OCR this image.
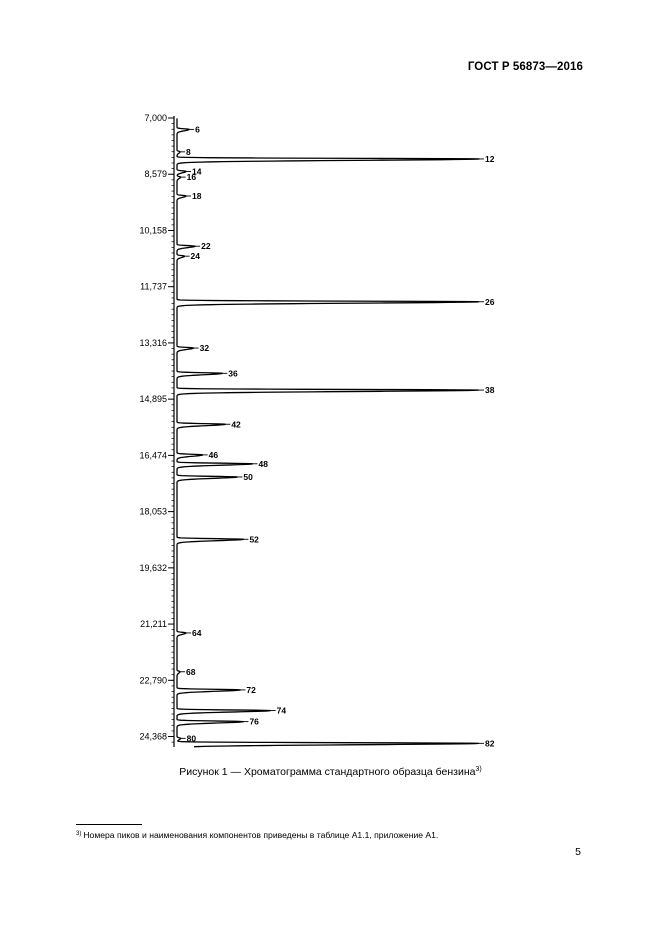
ГОСТ Р 56873—2016
7,000
8,579
10,158
11,737
13,316
14,895
16,474
18,053
19,632
21,211
22,790
24,368
6
8
12
14
16
18
22
24
26
32
36
38
42
46
48
50
52
64
68
72
74
76
80	82
Рисунок 1 — Хроматограмма стандартного образца бензина$^{3)}$
$^{3)}$ Номера пиков и наименования компонентов приведены в таблице А1.1, приложение А1.
5
